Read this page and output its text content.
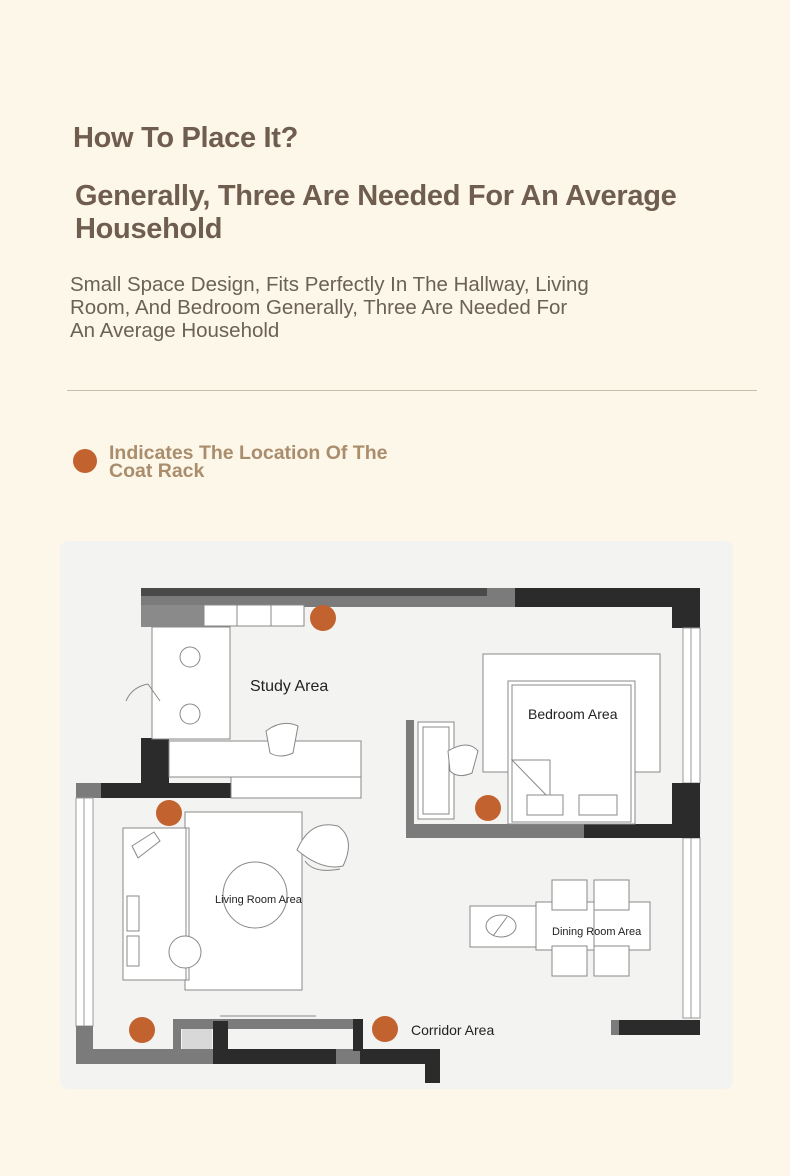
How To Place It?
Generally, Three Are Needed For An Average Household

Small Space Design, Fits Perfectly In The Hallway, Living Room, And Bedroom Generally, Three Are Needed For An Average Household

Indicates The Location Of The Coat Rack
Study Area
Bedroom Area
Living Room Area
Dining Room Area
Corridor Area
